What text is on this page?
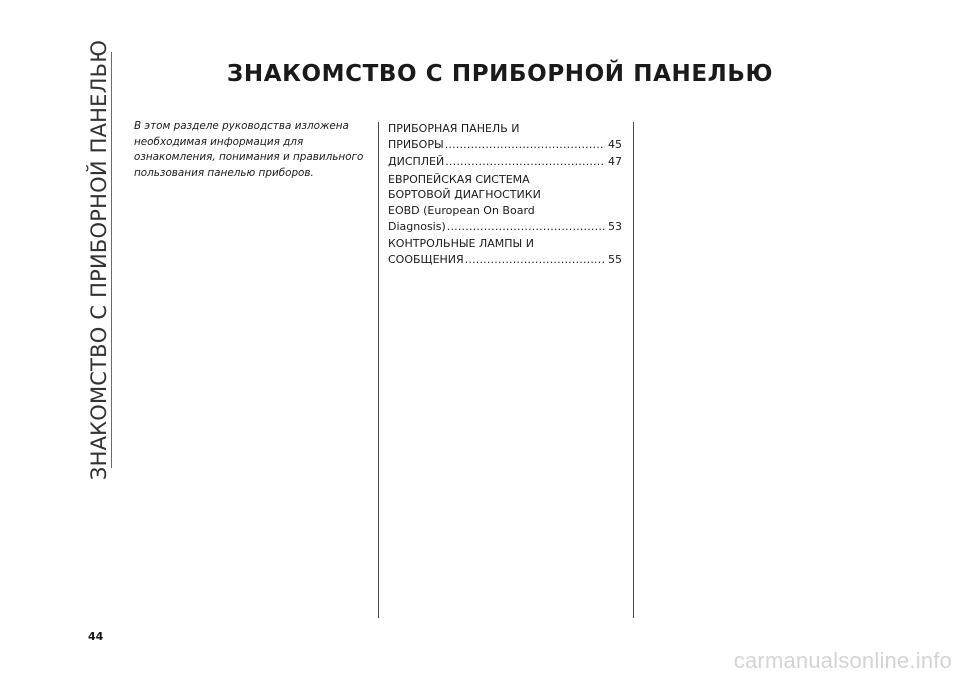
ЗНАКОМСТВО С ПРИБОРНОЙ ПАНЕЛЬЮ	ЗНАКОМСТВО С ПРИБОРНОЙ ПАНЕЛЬЮ
В этом разделе руководства изложена
необходимая информация для
ознакомления, понимания и правильного
пользования панелью приборов.
ПРИБОРНАЯ ПАНЕЛЬ И
ПРИБОРЫ .....	45
ДИСПЛЕЙ .....	47
ЕВРОПЕЙСКАЯ СИСТЕМА
БОРТОВОЙ ДИАГНОСТИКИ
EOBD (European On Board
Diagnosis) .....	53
КОНТРОЛЬНЫЕ ЛАМПЫ И
СООБЩЕНИЯ .....	55
44
carmanualsonline.info
